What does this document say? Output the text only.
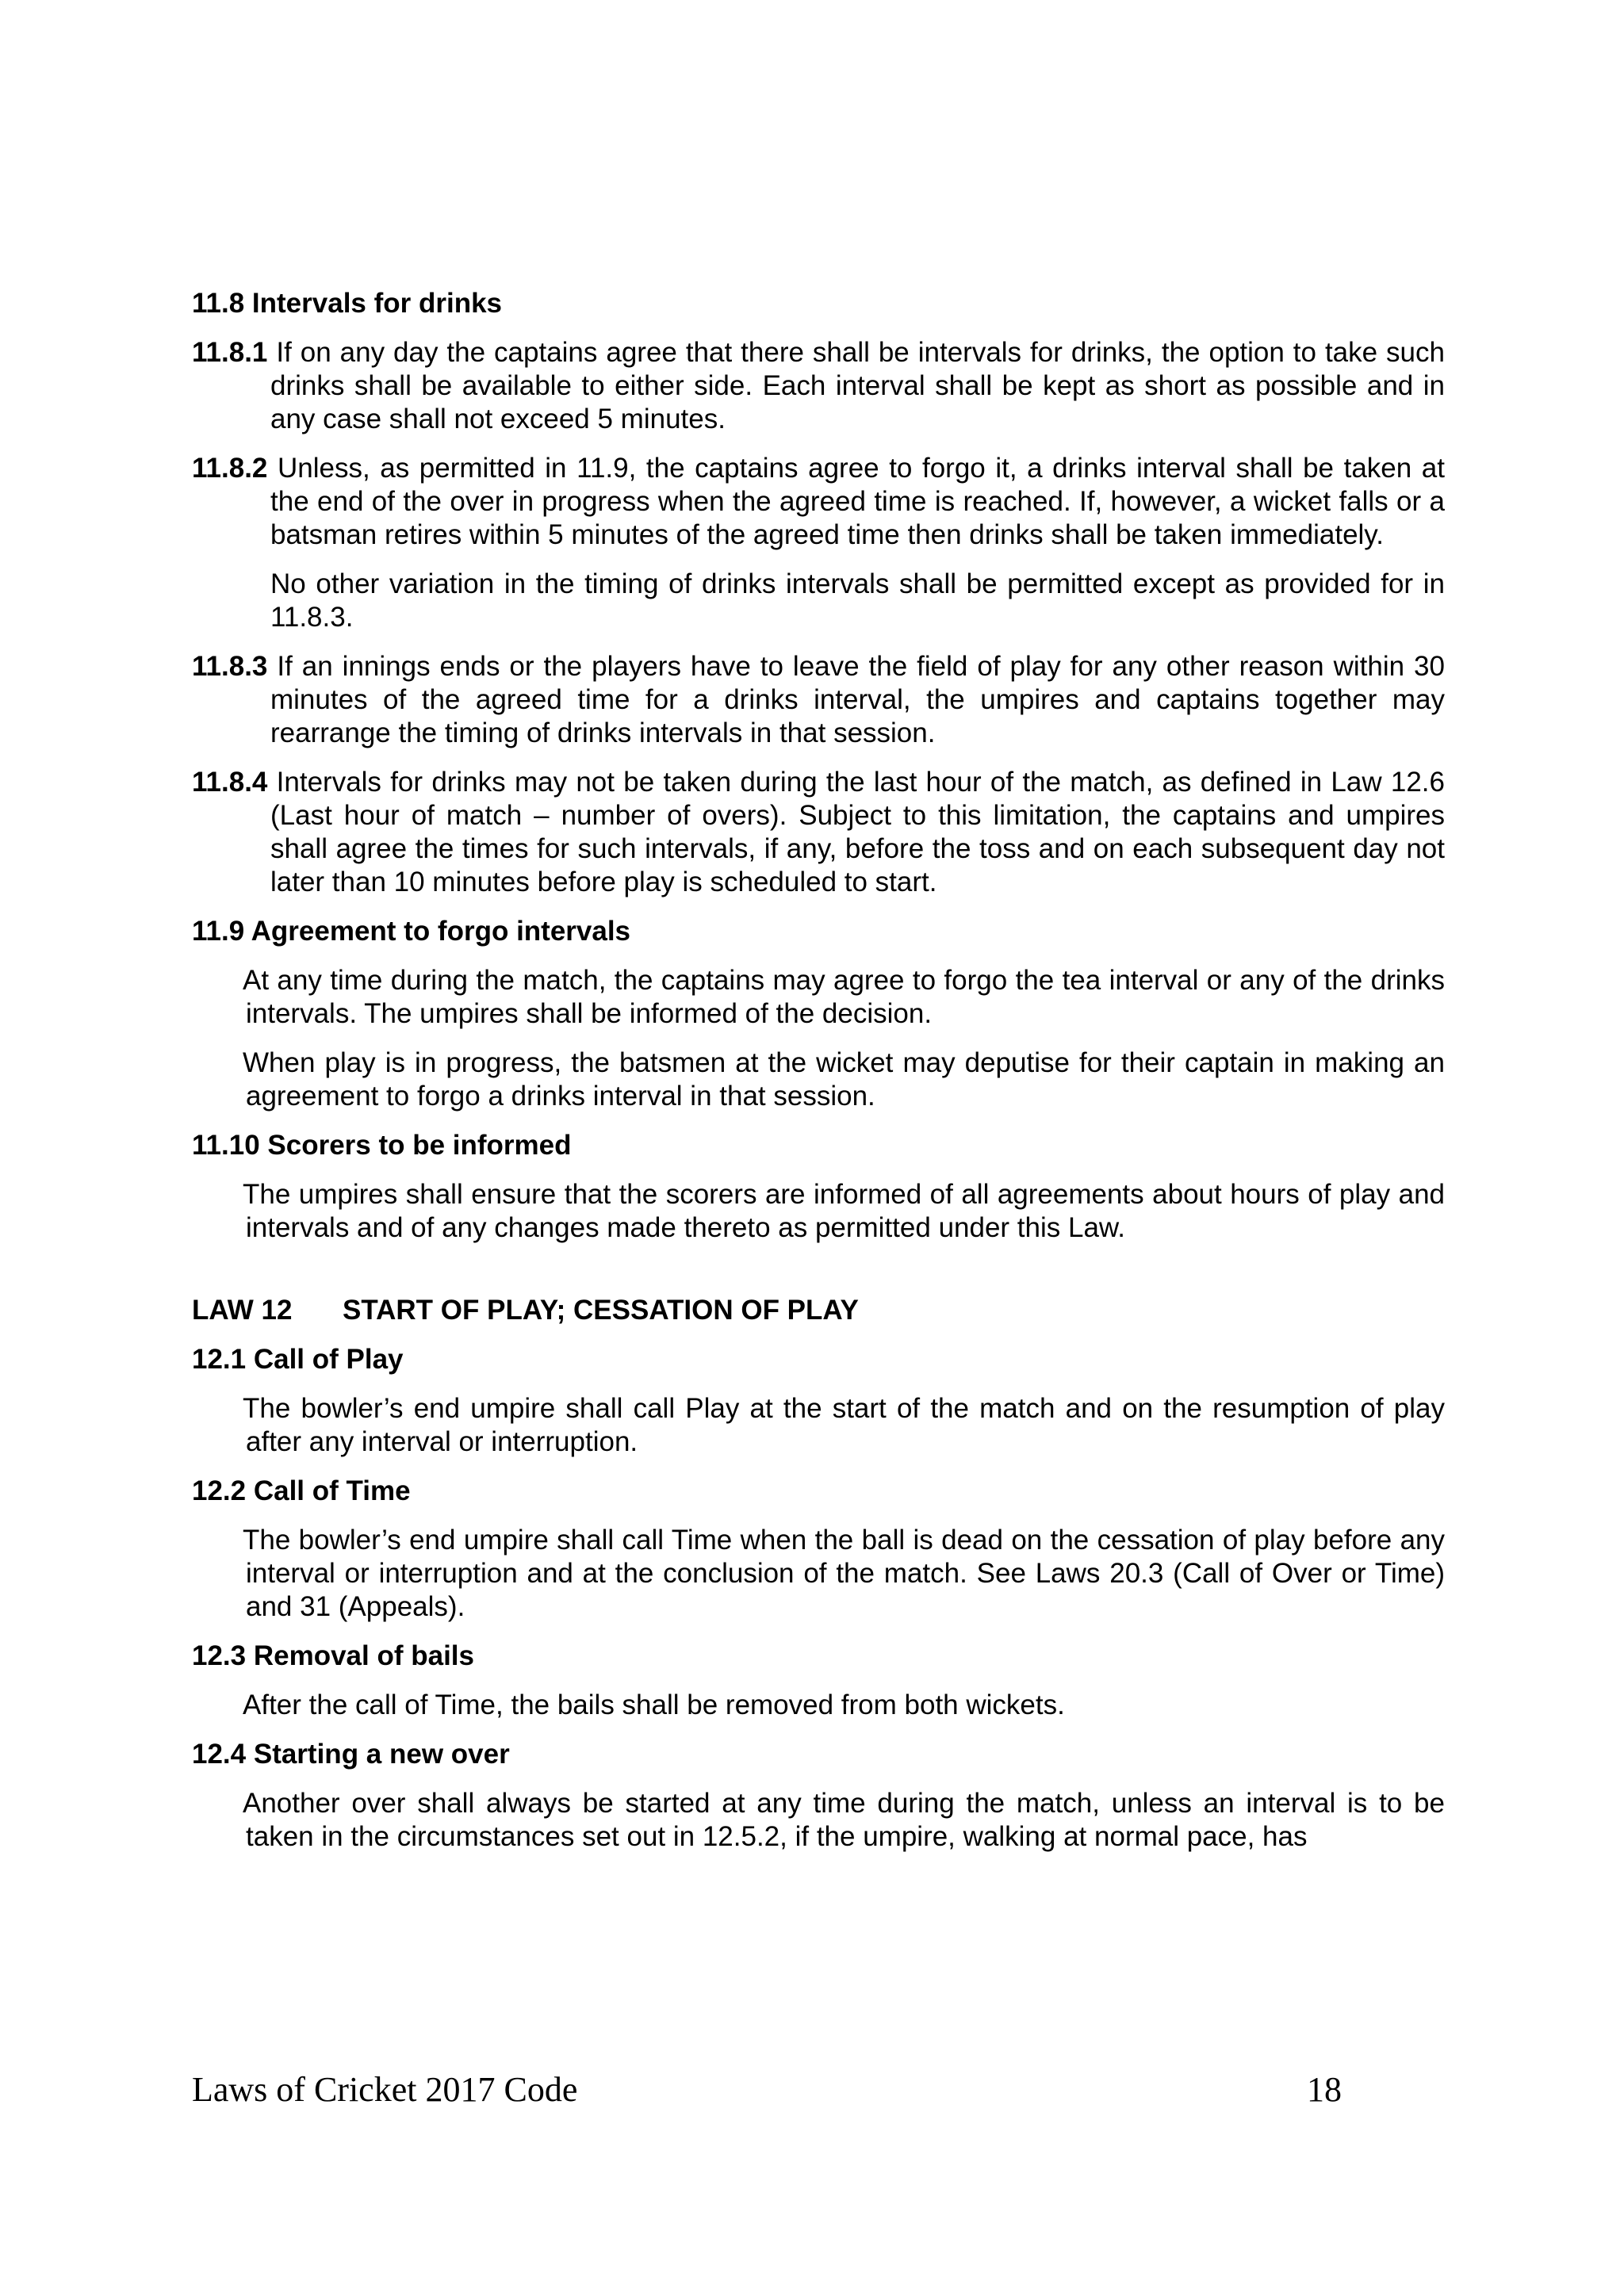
11.8 Intervals for drinks
11.8.1 If on any day the captains agree that there shall be intervals for drinks, the option to take such drinks shall be available to either side. Each interval shall be kept as short as possible and in any case shall not exceed 5 minutes.
11.8.2 Unless, as permitted in 11.9, the captains agree to forgo it, a drinks interval shall be taken at the end of the over in progress when the agreed time is reached. If, however, a wicket falls or a batsman retires within 5 minutes of the agreed time then drinks shall be taken immediately.
No other variation in the timing of drinks intervals shall be permitted except as provided for in 11.8.3.
11.8.3 If an innings ends or the players have to leave the field of play for any other reason within 30 minutes of the agreed time for a drinks interval, the umpires and captains together may rearrange the timing of drinks intervals in that session.
11.8.4 Intervals for drinks may not be taken during the last hour of the match, as defined in Law 12.6 (Last hour of match – number of overs). Subject to this limitation, the captains and umpires shall agree the times for such intervals, if any, before the toss and on each subsequent day not later than 10 minutes before play is scheduled to start.
11.9 Agreement to forgo intervals
At any time during the match, the captains may agree to forgo the tea interval or any of the drinks intervals. The umpires shall be informed of the decision.
When play is in progress, the batsmen at the wicket may deputise for their captain in making an agreement to forgo a drinks interval in that session.
11.10 Scorers to be informed
The umpires shall ensure that the scorers are informed of all agreements about hours of play and intervals and of any changes made thereto as permitted under this Law.
LAW 12 START OF PLAY; CESSATION OF PLAY
12.1 Call of Play
The bowler’s end umpire shall call Play at the start of the match and on the resumption of play after any interval or interruption.
12.2 Call of Time
The bowler’s end umpire shall call Time when the ball is dead on the cessation of play before any interval or interruption and at the conclusion of the match. See Laws 20.3 (Call of Over or Time) and 31 (Appeals).
12.3 Removal of bails
After the call of Time, the bails shall be removed from both wickets.
12.4 Starting a new over
Another over shall always be started at any time during the match, unless an interval is to be taken in the circumstances set out in 12.5.2, if the umpire, walking at normal pace, has
Laws of Cricket 2017 Code	18
